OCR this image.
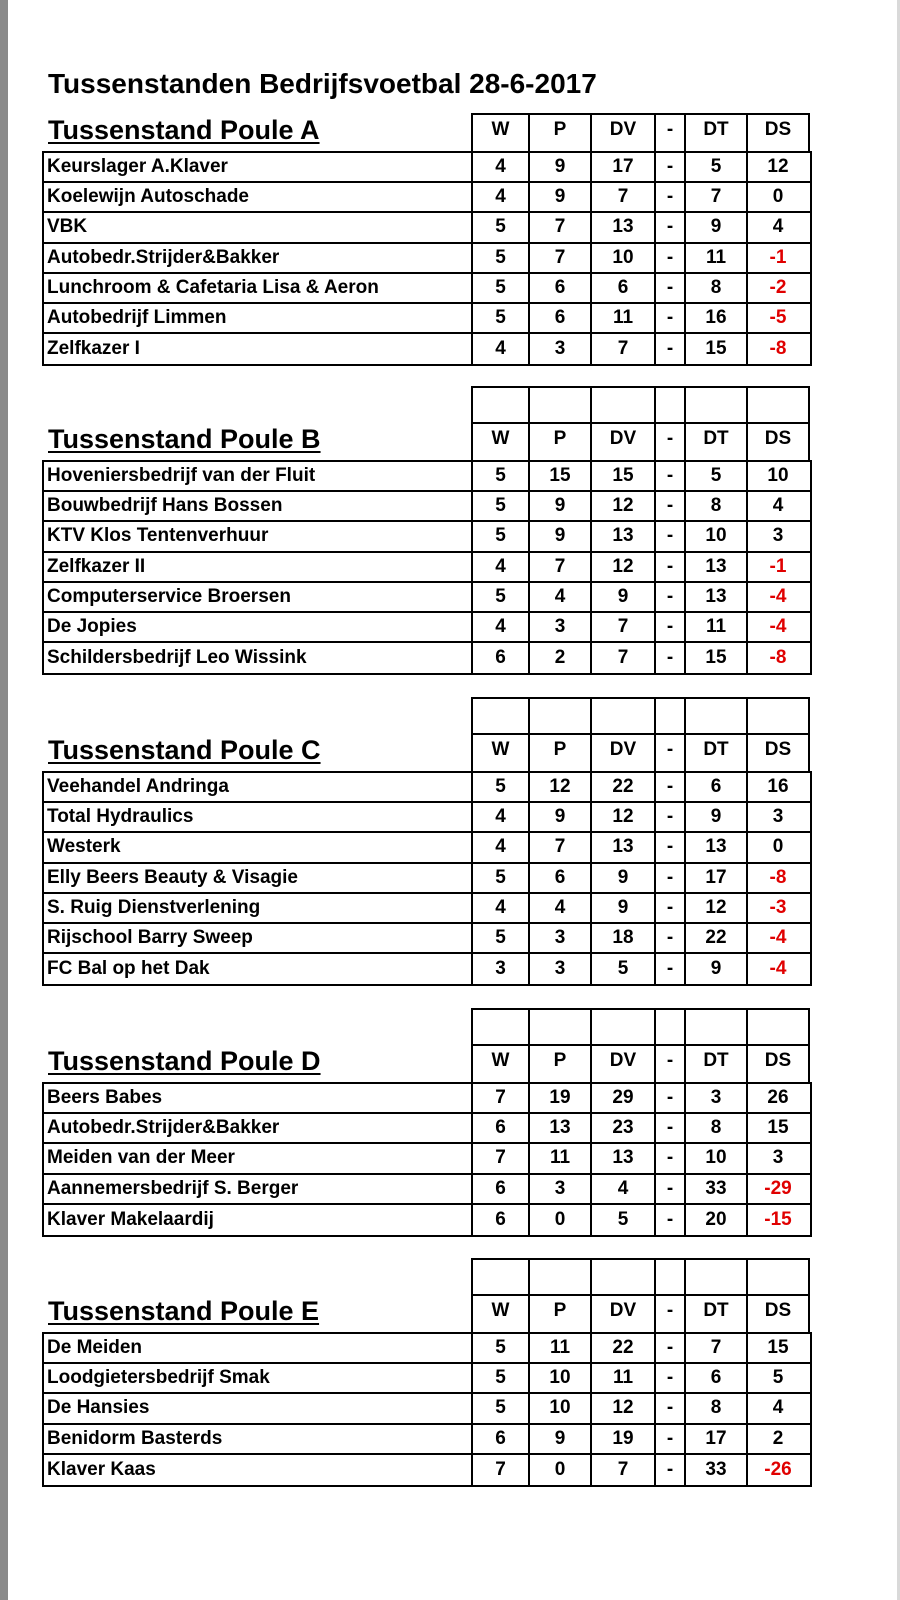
Tussenstanden Bedrijfsvoetbal 28-6-2017
Tussenstand Poule A	W	P	DV	-	DT	DS
Keurslager A.Klaver	4	9	17	-	5	12
Koelewijn Autoschade	4	9	7	-	7	0
VBK	5	7	13	-	9	4
Autobedr.Strijder&Bakker	5	7	10	-	11	-1
Lunchroom & Cafetaria Lisa & Aeron	5	6	6	-	8	-2
Autobedrijf Limmen	5	6	11	-	16	-5
Zelfkazer I	4	3	7	-	15	-8
Tussenstand Poule B	W	P	DV	-	DT	DS
Hoveniersbedrijf van der Fluit	5	15	15	-	5	10
Bouwbedrijf Hans Bossen	5	9	12	-	8	4
KTV Klos Tentenverhuur	5	9	13	-	10	3
Zelfkazer II	4	7	12	-	13	-1
Computerservice Broersen	5	4	9	-	13	-4
De Jopies	4	3	7	-	11	-4
Schildersbedrijf Leo Wissink	6	2	7	-	15	-8
Tussenstand Poule C	W	P	DV	-	DT	DS
Veehandel Andringa	5	12	22	-	6	16
Total Hydraulics	4	9	12	-	9	3
Westerk	4	7	13	-	13	0
Elly Beers Beauty & Visagie	5	6	9	-	17	-8
S. Ruig Dienstverlening	4	4	9	-	12	-3
Rijschool Barry Sweep	5	3	18	-	22	-4
FC Bal op het Dak	3	3	5	-	9	-4
Tussenstand Poule D	W	P	DV	-	DT	DS
Beers Babes	7	19	29	-	3	26
Autobedr.Strijder&Bakker	6	13	23	-	8	15
Meiden van der Meer	7	11	13	-	10	3
Aannemersbedrijf S. Berger	6	3	4	-	33	-29
Klaver Makelaardij	6	0	5	-	20	-15
Tussenstand Poule E	W	P	DV	-	DT	DS
De Meiden	5	11	22	-	7	15
Loodgietersbedrijf Smak	5	10	11	-	6	5
De Hansies	5	10	12	-	8	4
Benidorm Basterds	6	9	19	-	17	2
Klaver Kaas	7	0	7	-	33	-26
